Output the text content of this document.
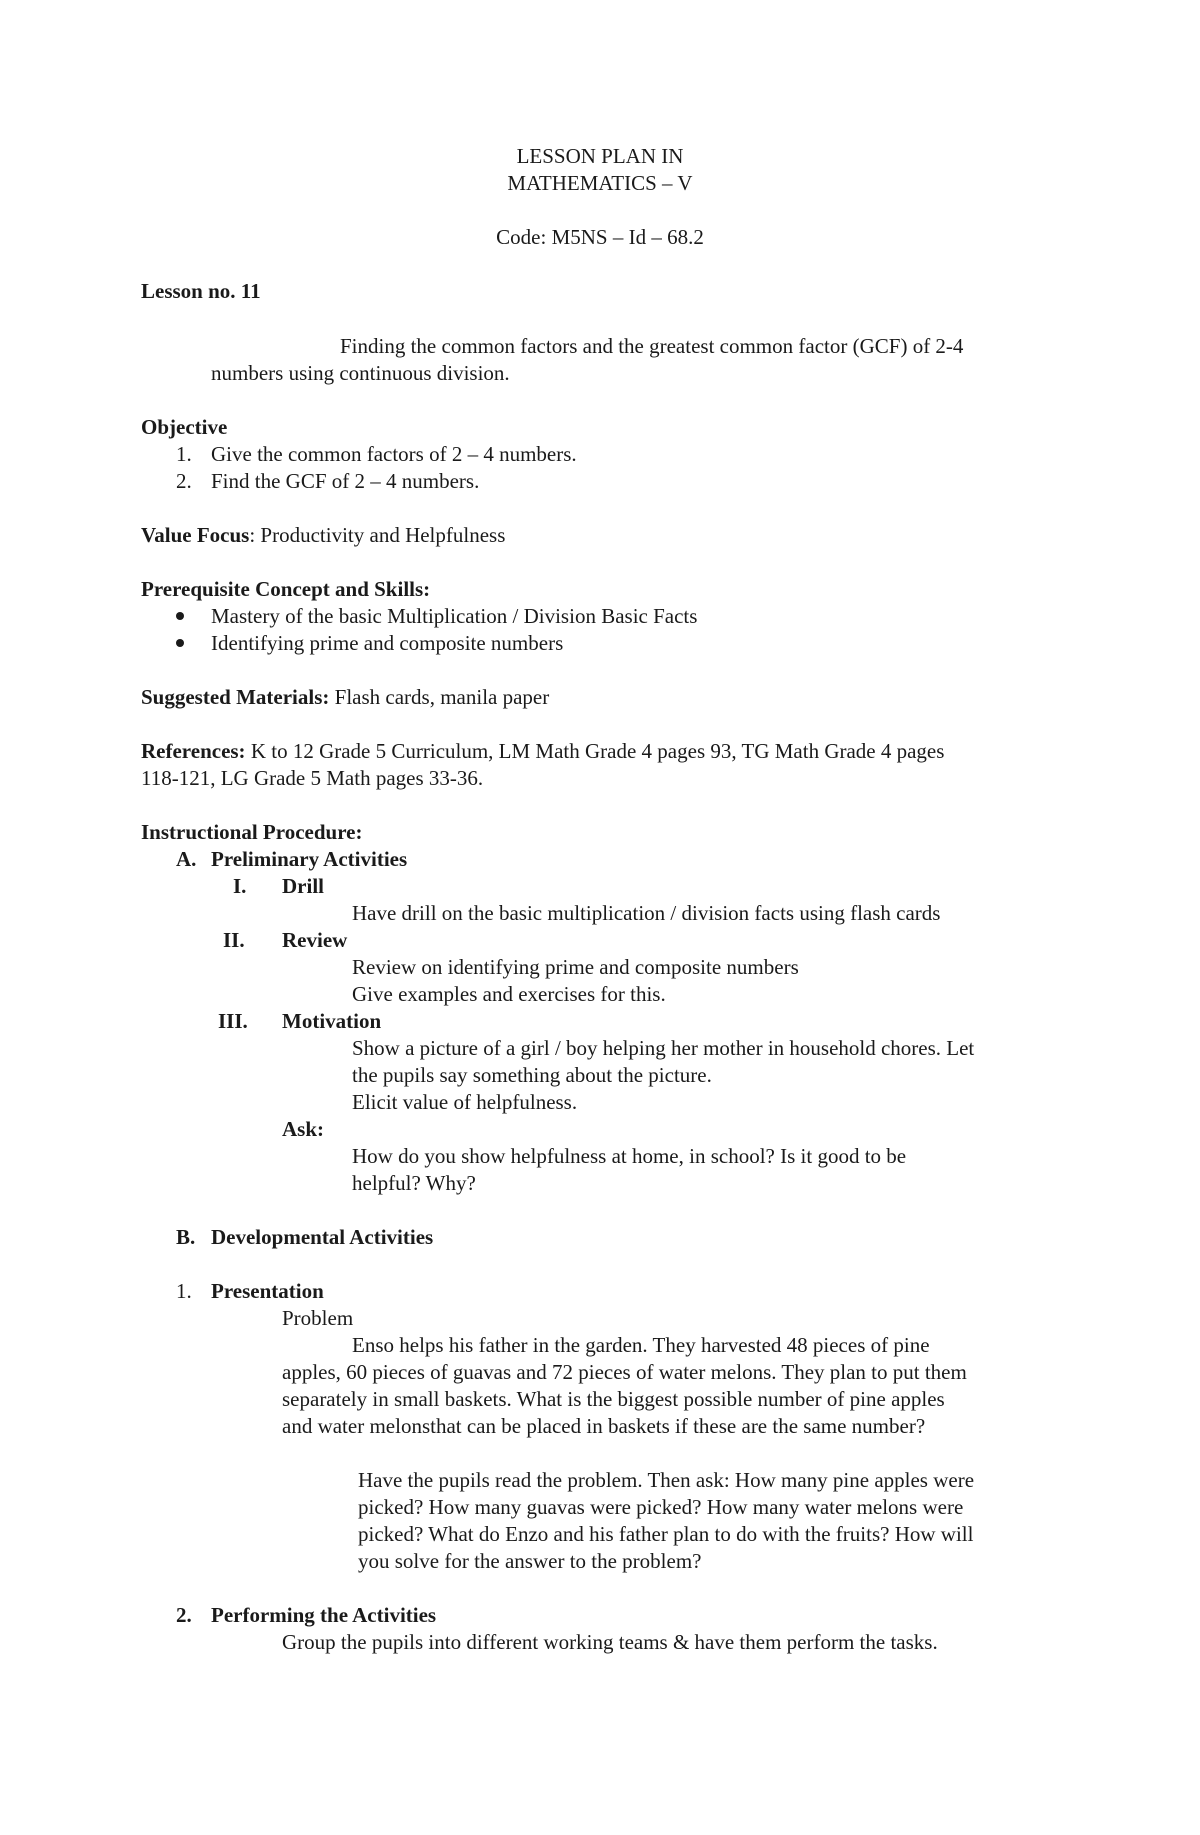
LESSON PLAN IN
MATHEMATICS – V
Code: M5NS – Id – 68.2
Lesson no. 11
Finding the common factors and the greatest common factor (GCF) of 2-4
numbers using continuous division.
Objective
1. Give the common factors of 2 – 4 numbers.
2. Find the GCF of 2 – 4 numbers.
Value Focus: Productivity and Helpfulness
Prerequisite Concept and Skills:
Mastery of the basic Multiplication / Division Basic Facts
Identifying prime and composite numbers
Suggested Materials: Flash cards, manila paper
References: K to 12 Grade 5 Curriculum, LM Math Grade 4 pages 93, TG Math Grade 4 pages
118-121, LG Grade 5 Math pages 33-36.
Instructional Procedure:
A. Preliminary Activities
I. Drill
Have drill on the basic multiplication / division facts using flash cards
II. Review
Review on identifying prime and composite numbers
Give examples and exercises for this.
III. Motivation
Show a picture of a girl / boy helping her mother in household chores. Let
the pupils say something about the picture.
Elicit value of helpfulness.
Ask:
How do you show helpfulness at home, in school? Is it good to be
helpful? Why?
B. Developmental Activities
1. Presentation
Problem
Enso helps his father in the garden. They harvested 48 pieces of pine
apples, 60 pieces of guavas and 72 pieces of water melons. They plan to put them
separately in small baskets. What is the biggest possible number of pine apples
and water melonsthat can be placed in baskets if these are the same number?
Have the pupils read the problem. Then ask: How many pine apples were
picked? How many guavas were picked? How many water melons were
picked? What do Enzo and his father plan to do with the fruits? How will
you solve for the answer to the problem?
2. Performing the Activities
Group the pupils into different working teams & have them perform the tasks.
